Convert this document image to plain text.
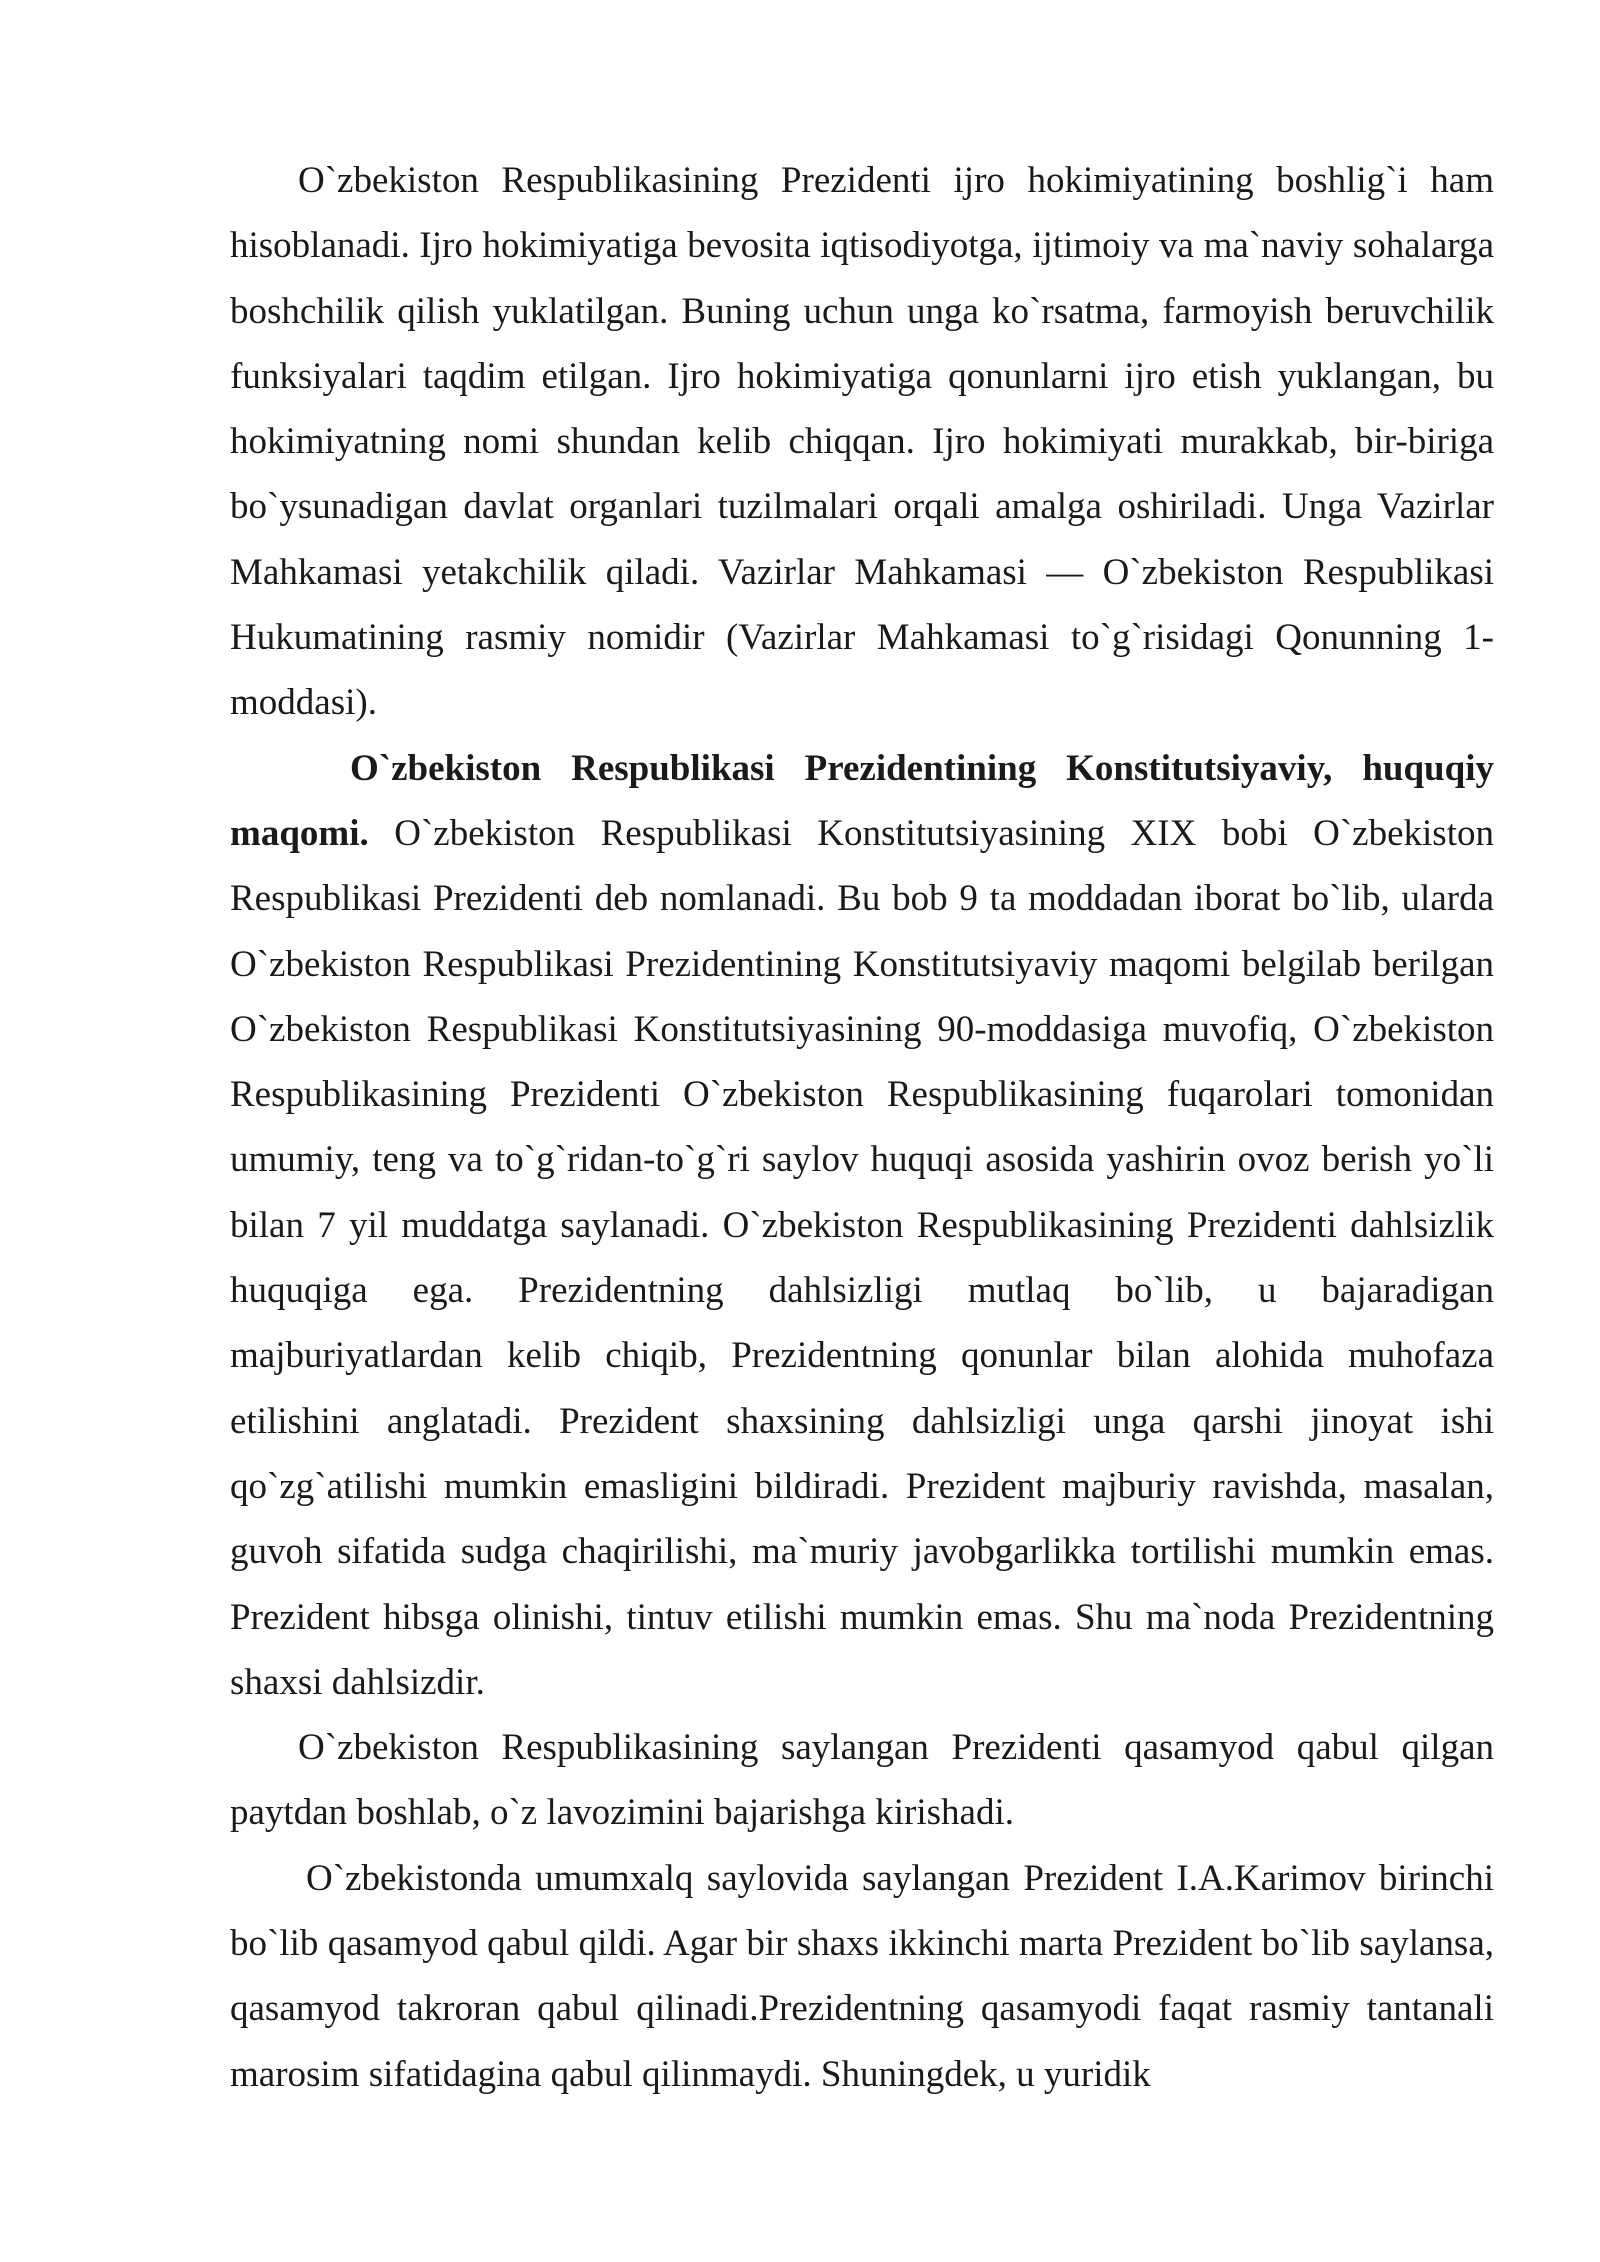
O`zbekiston Respublikasining Prezidenti ijro hokimiyatining boshlig`i ham hisoblanadi. Ijro hokimiyatiga bevosita iqtisodiyotga, ijtimoiy va ma`naviy sohalarga boshchilik qilish yuklatilgan. Buning uchun unga ko`rsatma, farmoyish beruvchilik funksiyalari taqdim etilgan. Ijro hokimiyatiga qonunlarni ijro etish yuklangan, bu hokimiyatning nomi shundan kelib chiqqan. Ijro hokimiyati murakkab, bir-biriga bo`ysunadigan davlat organlari tuzilmalari orqali amalga oshiriladi. Unga Vazirlar Mahkamasi yetakchilik qiladi. Vazirlar Mahkamasi — O`zbekiston Respublikasi Hukumatining rasmiy nomidir (Vazirlar Mahkamasi to`g`risidagi Qonunning 1-moddasi).

O`zbekiston Respublikasi Prezidentining Konstitutsiyaviy, huquqiy maqomi. O`zbekiston Respublikasi Konstitutsiyasining XIX bobi O`zbekiston Respublikasi Prezidenti deb nomlanadi. Bu bob 9 ta moddadan iborat bo`lib, ularda O`zbekiston Respublikasi Prezidentining Konstitutsiyaviy maqomi belgilab berilgan O`zbekiston Respublikasi Konstitutsiyasining 90-moddasiga muvofiq, O`zbekiston Respublikasining Prezidenti O`zbekiston Respublikasining fuqarolari tomonidan umumiy, teng va to`g`ridan-to`g`ri saylov huquqi asosida yashirin ovoz berish yo`li bilan 7 yil muddatga saylanadi. O`zbekiston Respublikasining Prezidenti dahlsizlik huquqiga ega. Prezidentning dahlsizligi mutlaq bo`lib, u bajaradigan majburiyatlardan kelib chiqib, Prezidentning qonunlar bilan alohida muhofaza etilishini anglatadi. Prezident shaxsining dahlsizligi unga qarshi jinoyat ishi qo`zg`atilishi mumkin emasligini bildiradi. Prezident majburiy ravishda, masalan, guvoh sifatida sudga chaqirilishi, ma`muriy javobgarlikka tortilishi mumkin emas. Prezident hibsga olinishi, tintuv etilishi mumkin emas. Shu ma`noda Prezidentning shaxsi dahlsizdir.

O`zbekiston Respublikasining saylangan Prezidenti qasamyod qabul qilgan paytdan boshlab, o`z lavozimini bajarishga kirishadi.

O`zbekistonda umumxalq saylovida saylangan Prezident I.A.Karimov birinchi bo`lib qasamyod qabul qildi. Agar bir shaxs ikkinchi marta Prezident bo`lib saylansa, qasamyod takroran qabul qilinadi.Prezidentning qasamyodi faqat rasmiy tantanali marosim sifatidagina qabul qilinmaydi. Shuningdek, u yuridik
